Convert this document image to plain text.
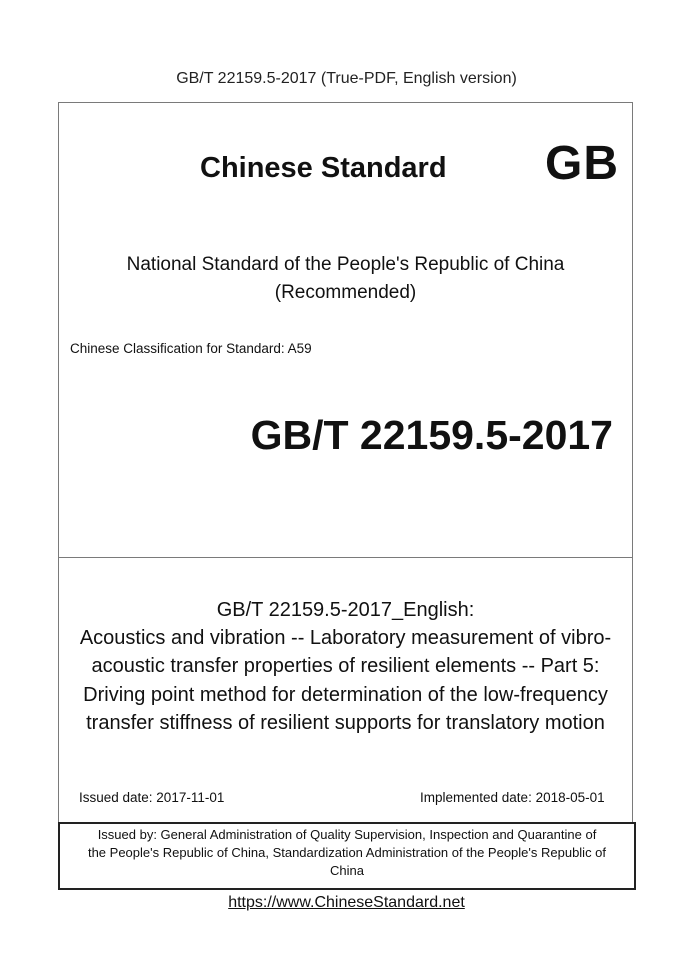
GB/T 22159.5-2017 (True-PDF, English version)
Chinese Standard GB
National Standard of the People's Republic of China
(Recommended)
Chinese Classification for Standard: A59
GB/T 22159.5-2017
GB/T 22159.5-2017_English:
Acoustics and vibration -- Laboratory measurement of vibro-
acoustic transfer properties of resilient elements -- Part 5:
Driving point method for determination of the low-frequency
transfer stiffness of resilient supports for translatory motion
Issued date: 2017-11-01	Implemented date: 2018-05-01
Issued by: General Administration of Quality Supervision, Inspection and Quarantine of
the People's Republic of China, Standardization Administration of the People's Republic of
China
https://www.ChineseStandard.net
